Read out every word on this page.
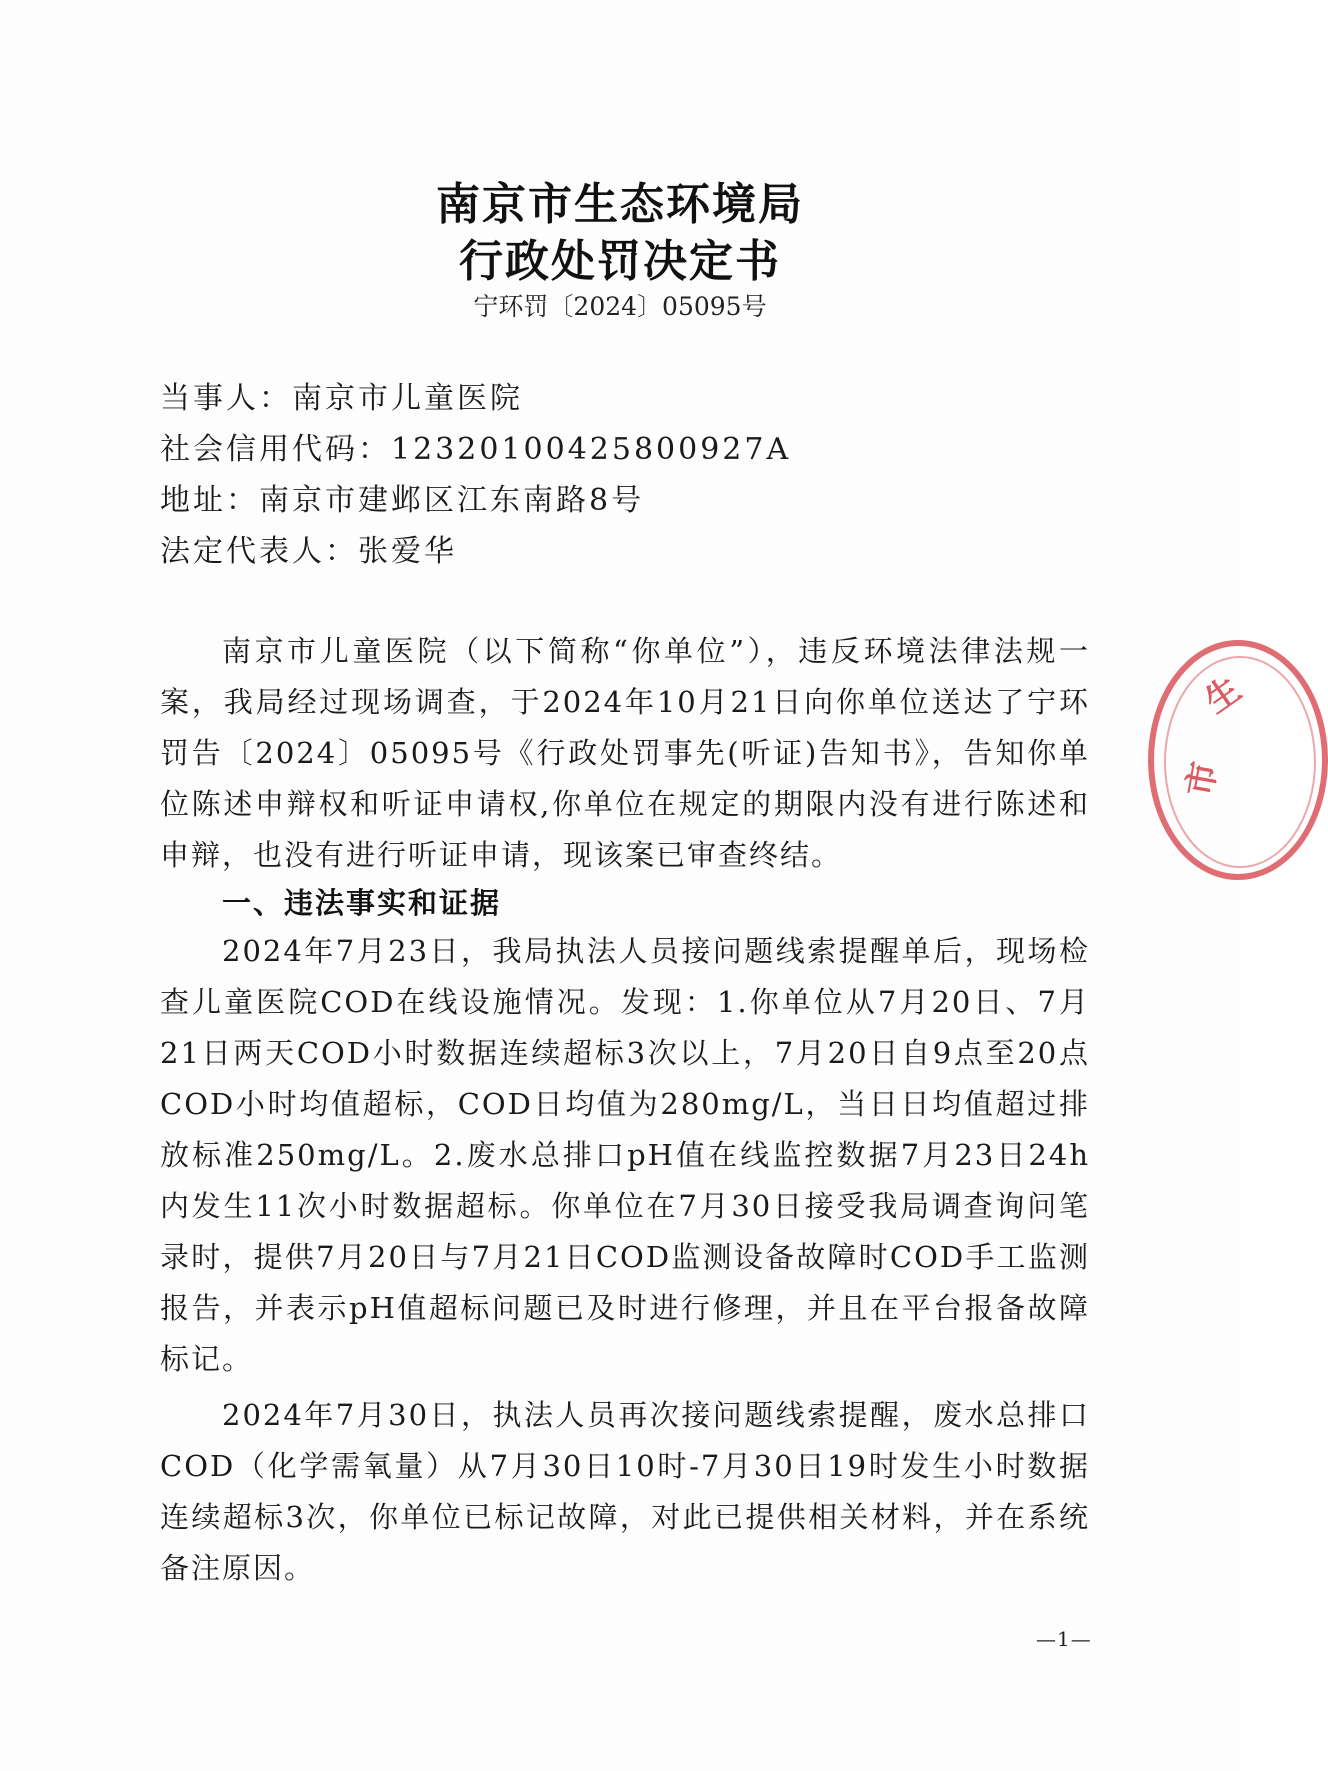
南京市生态环境局
行政处罚决定书
宁环罚〔2024〕05095号
当事人：南京市儿童医院
社会信用代码：12320100425800927A
地址：南京市建邺区江东南路8号
法定代表人：张爱华

南京市儿童医院（以下简称“你单位”），违反环境法律法规一案，我局经过现场调查，于2024年10月21日向你单位送达了宁环罚告〔2024〕05095号《行政处罚事先(听证)告知书》，告知你单位陈述申辩权和听证申请权,你单位在规定的期限内没有进行陈述和申辩，也没有进行听证申请，现该案已审查终结。

一、违法事实和证据

2024年7月23日，我局执法人员接问题线索提醒单后，现场检查儿童医院COD在线设施情况。发现：1.你单位从7月20日、7月21日两天COD小时数据连续超标3次以上，7月20日自9点至20点COD小时均值超标，COD日均值为280mg/L，当日日均值超过排放标准250mg/L。2.废水总排口pH值在线监控数据7月23日24h内发生11次小时数据超标。你单位在7月30日接受我局调查询问笔录时，提供7月20日与7月21日COD监测设备故障时COD手工监测报告，并表示pH值超标问题已及时进行修理，并且在平台报备故障标记。

2024年7月30日，执法人员再次接问题线索提醒，废水总排口COD（化学需氧量）从7月30日10时-7月30日19时发生小时数据连续超标3次，你单位已标记故障，对此已提供相关材料，并在系统备注原因。

—1—
生
市
